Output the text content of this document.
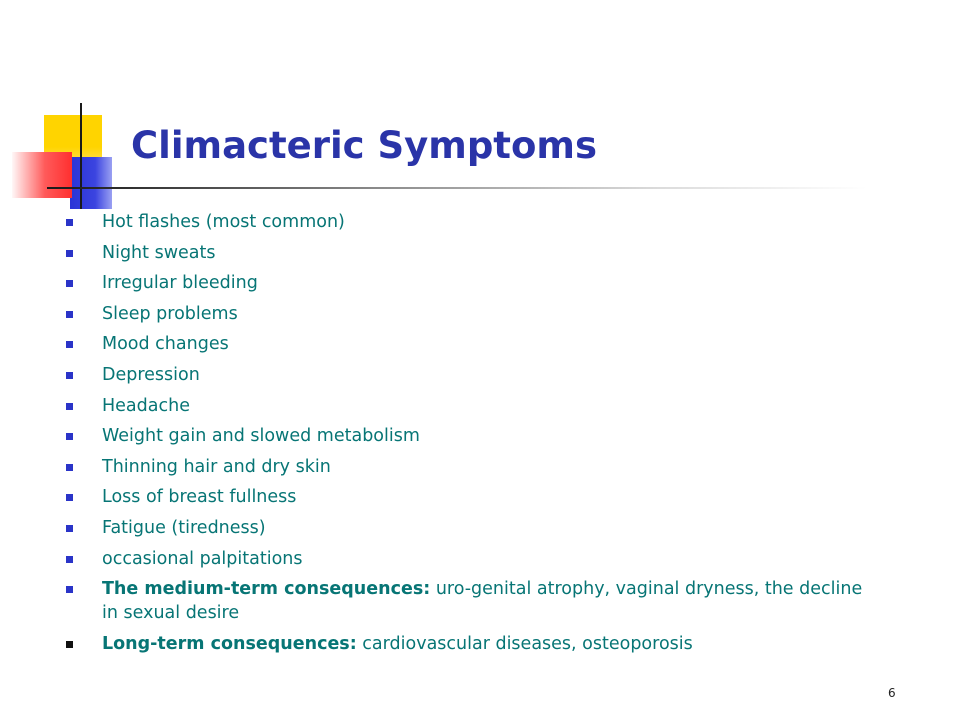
Climacteric Symptoms
Hot flashes (most common)
Night sweats
Irregular bleeding
Sleep problems
Mood changes
Depression
Headache
Weight gain and slowed metabolism
Thinning hair and dry skin
Loss of breast fullness
Fatigue (tiredness)
occasional palpitations
The medium-term consequences: uro-genital atrophy, vaginal dryness, the decline in sexual desire
Long-term consequences: cardiovascular diseases, osteoporosis
6
